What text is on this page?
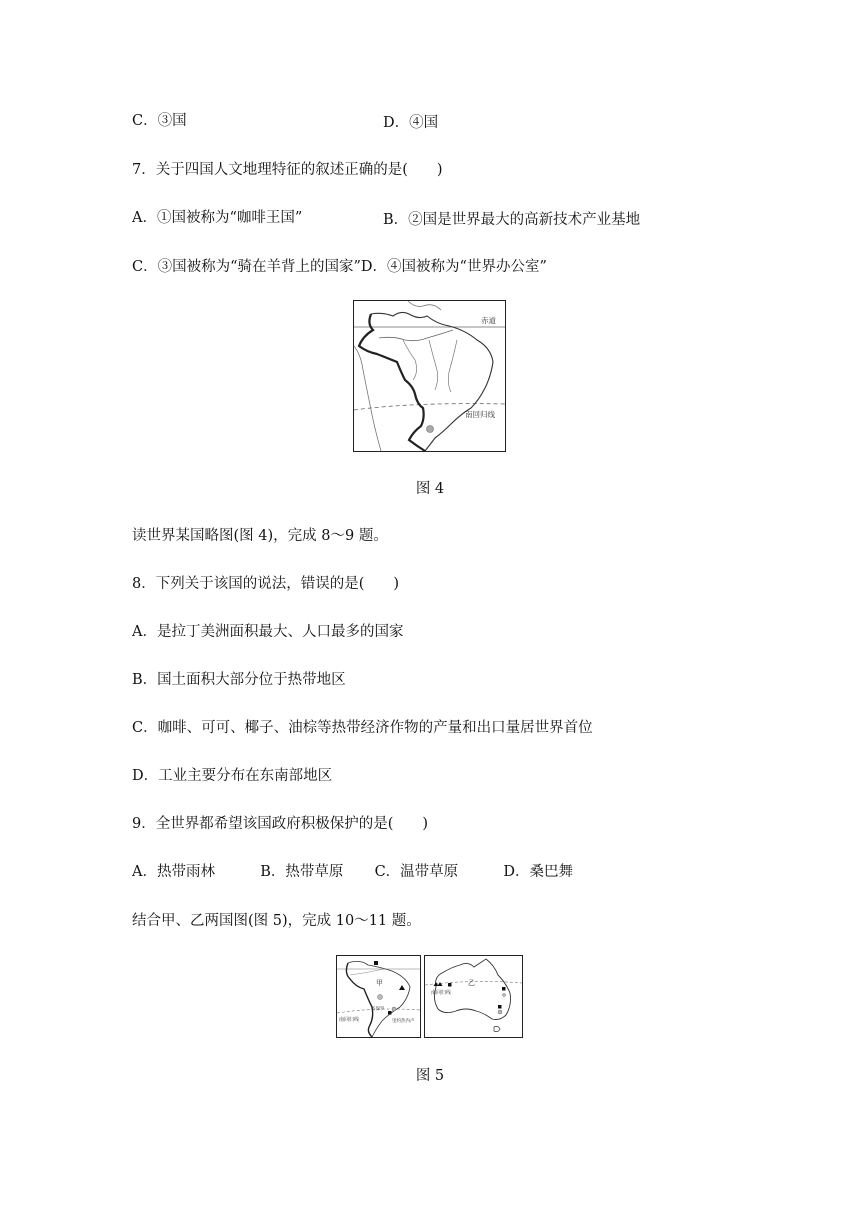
C．③国	D．④国
7．关于四国人文地理特征的叙述正确的是(　　)
A．①国被称为“咖啡王国”	B．②国是世界最大的高新技术产业基地
C．③国被称为“骑在羊背上的国家”D．④国被称为“世界办公室”
赤道
南回归线
图 4
读世界某国略图(图 4)，完成 8～9 题。
8．下列关于该国的说法，错误的是(　　)
A．是拉丁美洲面积最大、人口最多的国家
B．国土面积大部分位于热带地区
C．咖啡、可可、椰子、油棕等热带经济作物的产量和出口量居世界首位
D．工业主要分布在东南部地区
9．全世界都希望该国政府积极保护的是(　　)
A．热带雨林	B．热带草原 C．温带草原	D．桑巴舞
结合甲、乙两国图(图 5)，完成 10～11 题。
甲
南回归线
圣保罗
里约热内卢
乙
南回归线
图 5
